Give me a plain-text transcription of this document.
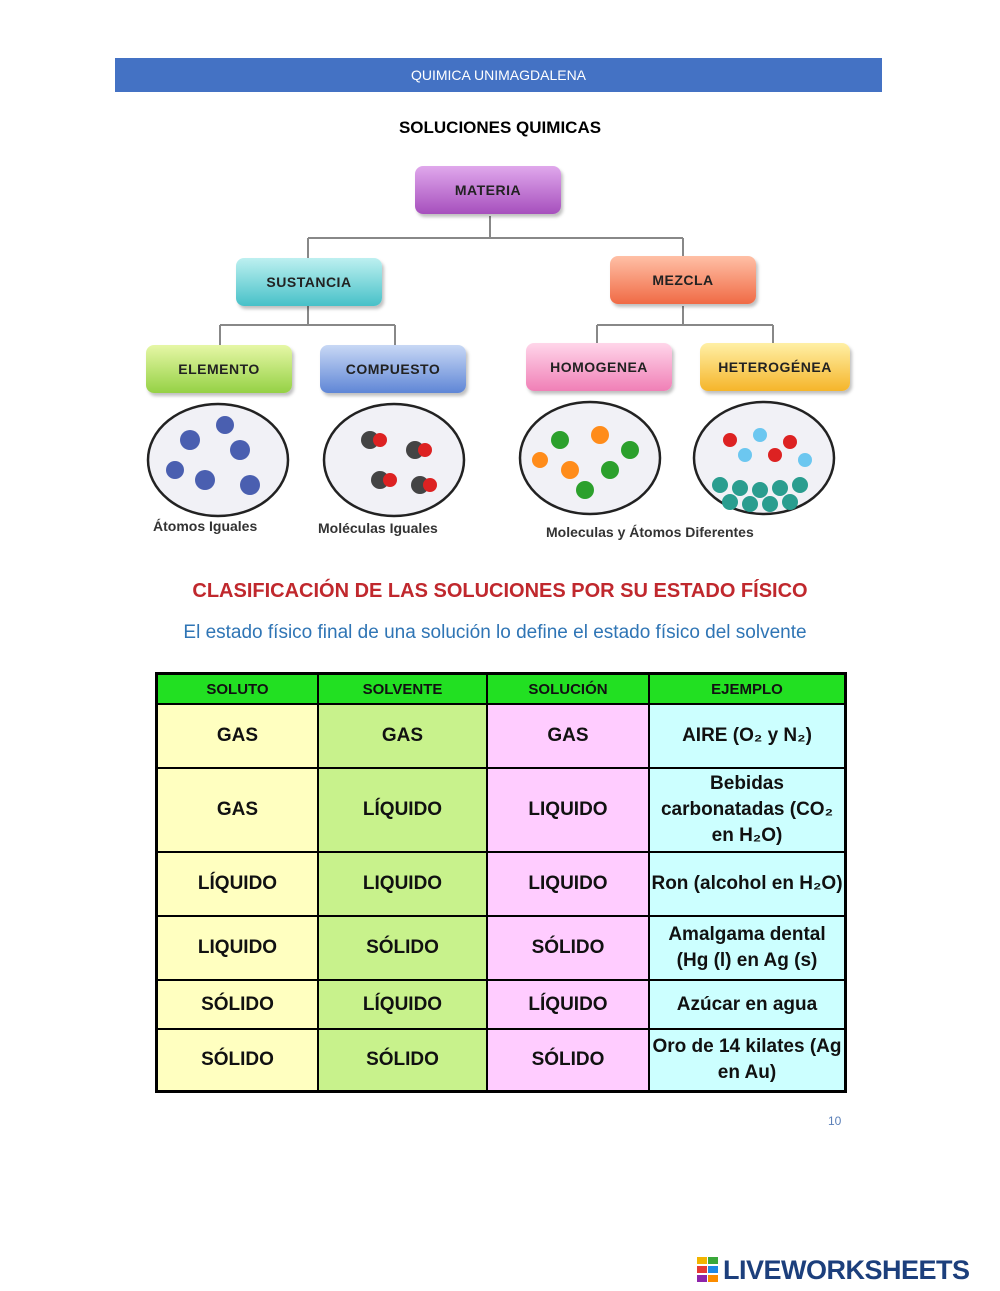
QUIMICA UNIMAGDALENA
SOLUCIONES QUIMICAS
MATERIA
SUSTANCIA	MEZCLA
ELEMENTO	COMPUESTO	HOMOGENEA	HETEROGÉNEA
Átomos Iguales	Moléculas Iguales	Moleculas y Átomos Diferentes
CLASIFICACIÓN DE LAS SOLUCIONES POR SU ESTADO FÍSICO
El estado físico final de una solución lo define el estado físico del solvente
SOLUTO	SOLVENTE	SOLUCIÓN	EJEMPLO
GAS	GAS	GAS	AIRE (O₂ y N₂)
GAS	LÍQUIDO	LIQUIDO	Bebidas carbonatadas (CO₂ en H₂O)
LÍQUIDO	LIQUIDO	LIQUIDO	Ron (alcohol en H₂O)
LIQUIDO	SÓLIDO	SÓLIDO	Amalgama dental (Hg (l) en Ag (s)
SÓLIDO	LÍQUIDO	LÍQUIDO	Azúcar en agua
SÓLIDO	SÓLIDO	SÓLIDO	Oro de 14 kilates (Ag en Au)
10
LIVEWORKSHEETS
